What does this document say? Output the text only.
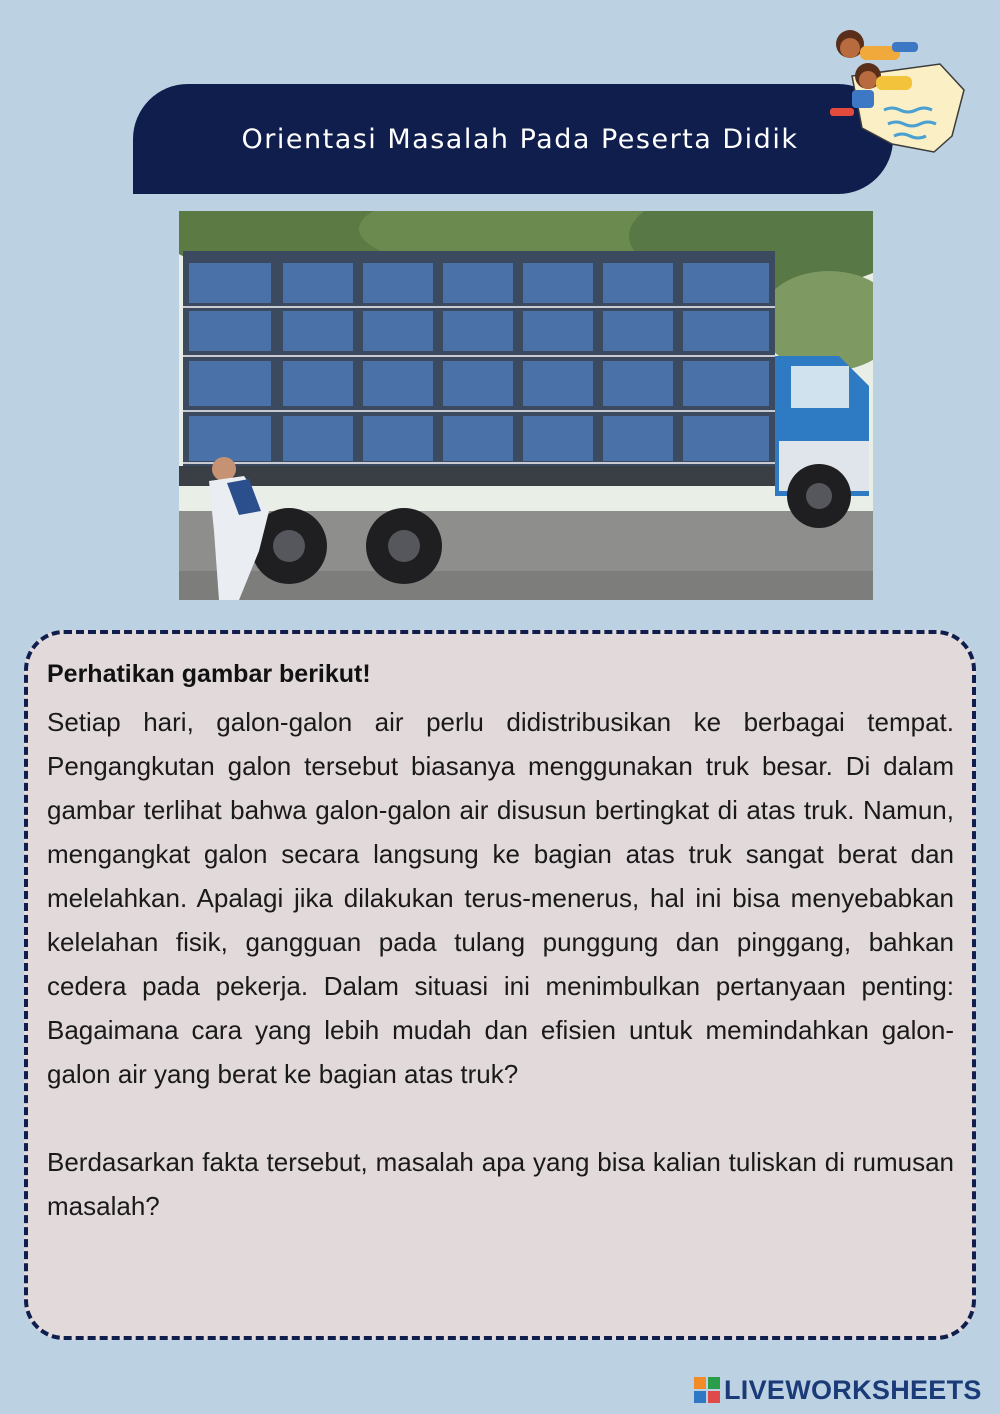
Orientasi Masalah Pada Peserta Didik

Perhatikan gambar berikut!

Setiap hari, galon-galon air perlu didistribusikan ke berbagai tempat. Pengangkutan galon tersebut biasanya menggunakan truk besar. Di dalam gambar terlihat bahwa galon-galon air disusun bertingkat di atas truk. Namun, mengangkat galon secara langsung ke bagian atas truk sangat berat dan melelahkan. Apalagi jika dilakukan terus-menerus, hal ini bisa menyebabkan kelelahan fisik, gangguan pada tulang punggung dan pinggang, bahkan cedera pada pekerja. Dalam situasi ini menimbulkan pertanyaan penting: Bagaimana cara yang lebih mudah dan efisien untuk memindahkan galon-galon air yang berat ke bagian atas truk?

Berdasarkan fakta tersebut, masalah apa yang bisa kalian tuliskan di rumusan masalah?

LIVEWORKSHEETS
